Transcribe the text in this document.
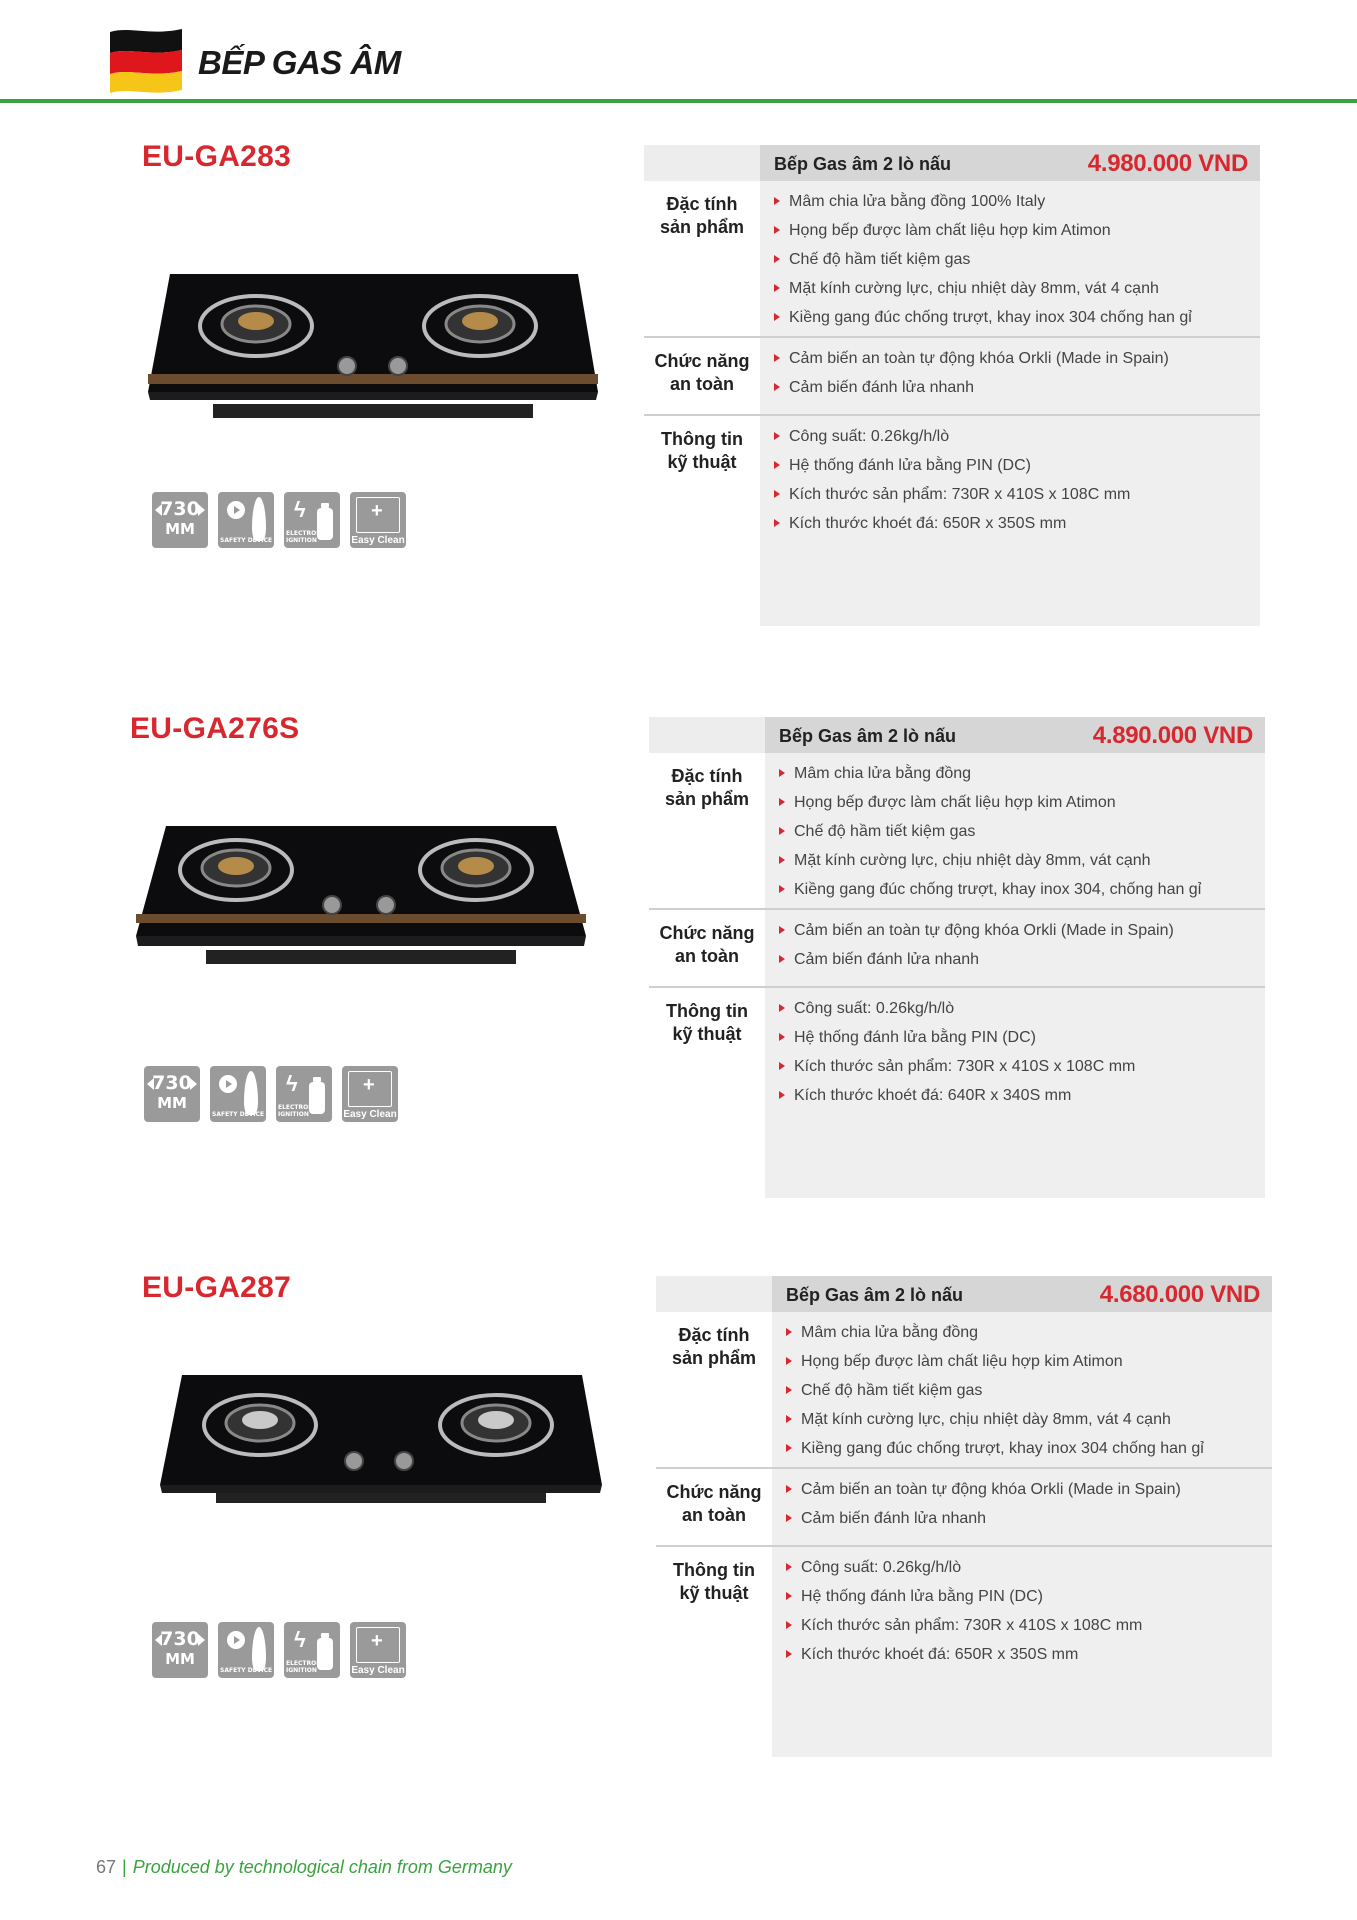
BẾP GAS ÂM
EU-GA283
730
MM
SAFETY DEVICE
ϟ
ELECTRONIC IGNITION +	Easy Clean
Bếp Gas âm 2 lò nấu	4.980.000 VND
Đặc tính
sản phẩm
Mâm chia lửa bằng đồng 100% Italy
Họng bếp được làm chất liệu hợp kim Atimon
Chế độ hầm tiết kiệm gas
Mặt kính cường lực, chịu nhiệt dày 8mm, vát 4 cạnh
Kiềng gang đúc chống trượt, khay inox 304 chống han gỉ
Chức năng
an toàn
Cảm biến an toàn tự động khóa Orkli (Made in Spain)
Cảm biến đánh lửa nhanh
Thông tin
kỹ thuật
Công suất: 0.26kg/h/lò
Hệ thống đánh lửa bằng PIN (DC)
Kích thước sản phẩm: 730R x 410S x 108C mm
Kích thước khoét đá: 650R x 350S mm
EU-GA276S
730
MM
SAFETY DEVICE
ϟ
ELECTRONIC IGNITION +	Easy Clean
Bếp Gas âm 2 lò nấu	4.890.000 VND
Đặc tính
sản phẩm
Mâm chia lửa bằng đồng
Họng bếp được làm chất liệu hợp kim Atimon
Chế độ hầm tiết kiệm gas
Mặt kính cường lực, chịu nhiệt dày 8mm, vát cạnh
Kiềng gang đúc chống trượt, khay inox 304, chống han gỉ
Chức năng
an toàn
Cảm biến an toàn tự động khóa Orkli (Made in Spain)
Cảm biến đánh lửa nhanh
Thông tin
kỹ thuật
Công suất: 0.26kg/h/lò
Hệ thống đánh lửa bằng PIN (DC)
Kích thước sản phẩm: 730R x 410S x 108C mm
Kích thước khoét đá: 640R x 340S mm
EU-GA287
730
MM
SAFETY DEVICE
ϟ
ELECTRONIC IGNITION +	Easy Clean
Bếp Gas âm 2 lò nấu	4.680.000 VND
Đặc tính
sản phẩm
Mâm chia lửa bằng đồng
Họng bếp được làm chất liệu hợp kim Atimon
Chế độ hầm tiết kiệm gas
Mặt kính cường lực, chịu nhiệt dày 8mm, vát 4 cạnh
Kiềng gang đúc chống trượt, khay inox 304 chống han gỉ
Chức năng
an toàn
Cảm biến an toàn tự động khóa Orkli (Made in Spain)
Cảm biến đánh lửa nhanh
Thông tin
kỹ thuật
Công suất: 0.26kg/h/lò
Hệ thống đánh lửa bằng PIN (DC)
Kích thước sản phẩm: 730R x 410S x 108C mm
Kích thước khoét đá: 650R x 350S mm
67 | Produced by technological chain from Germany
